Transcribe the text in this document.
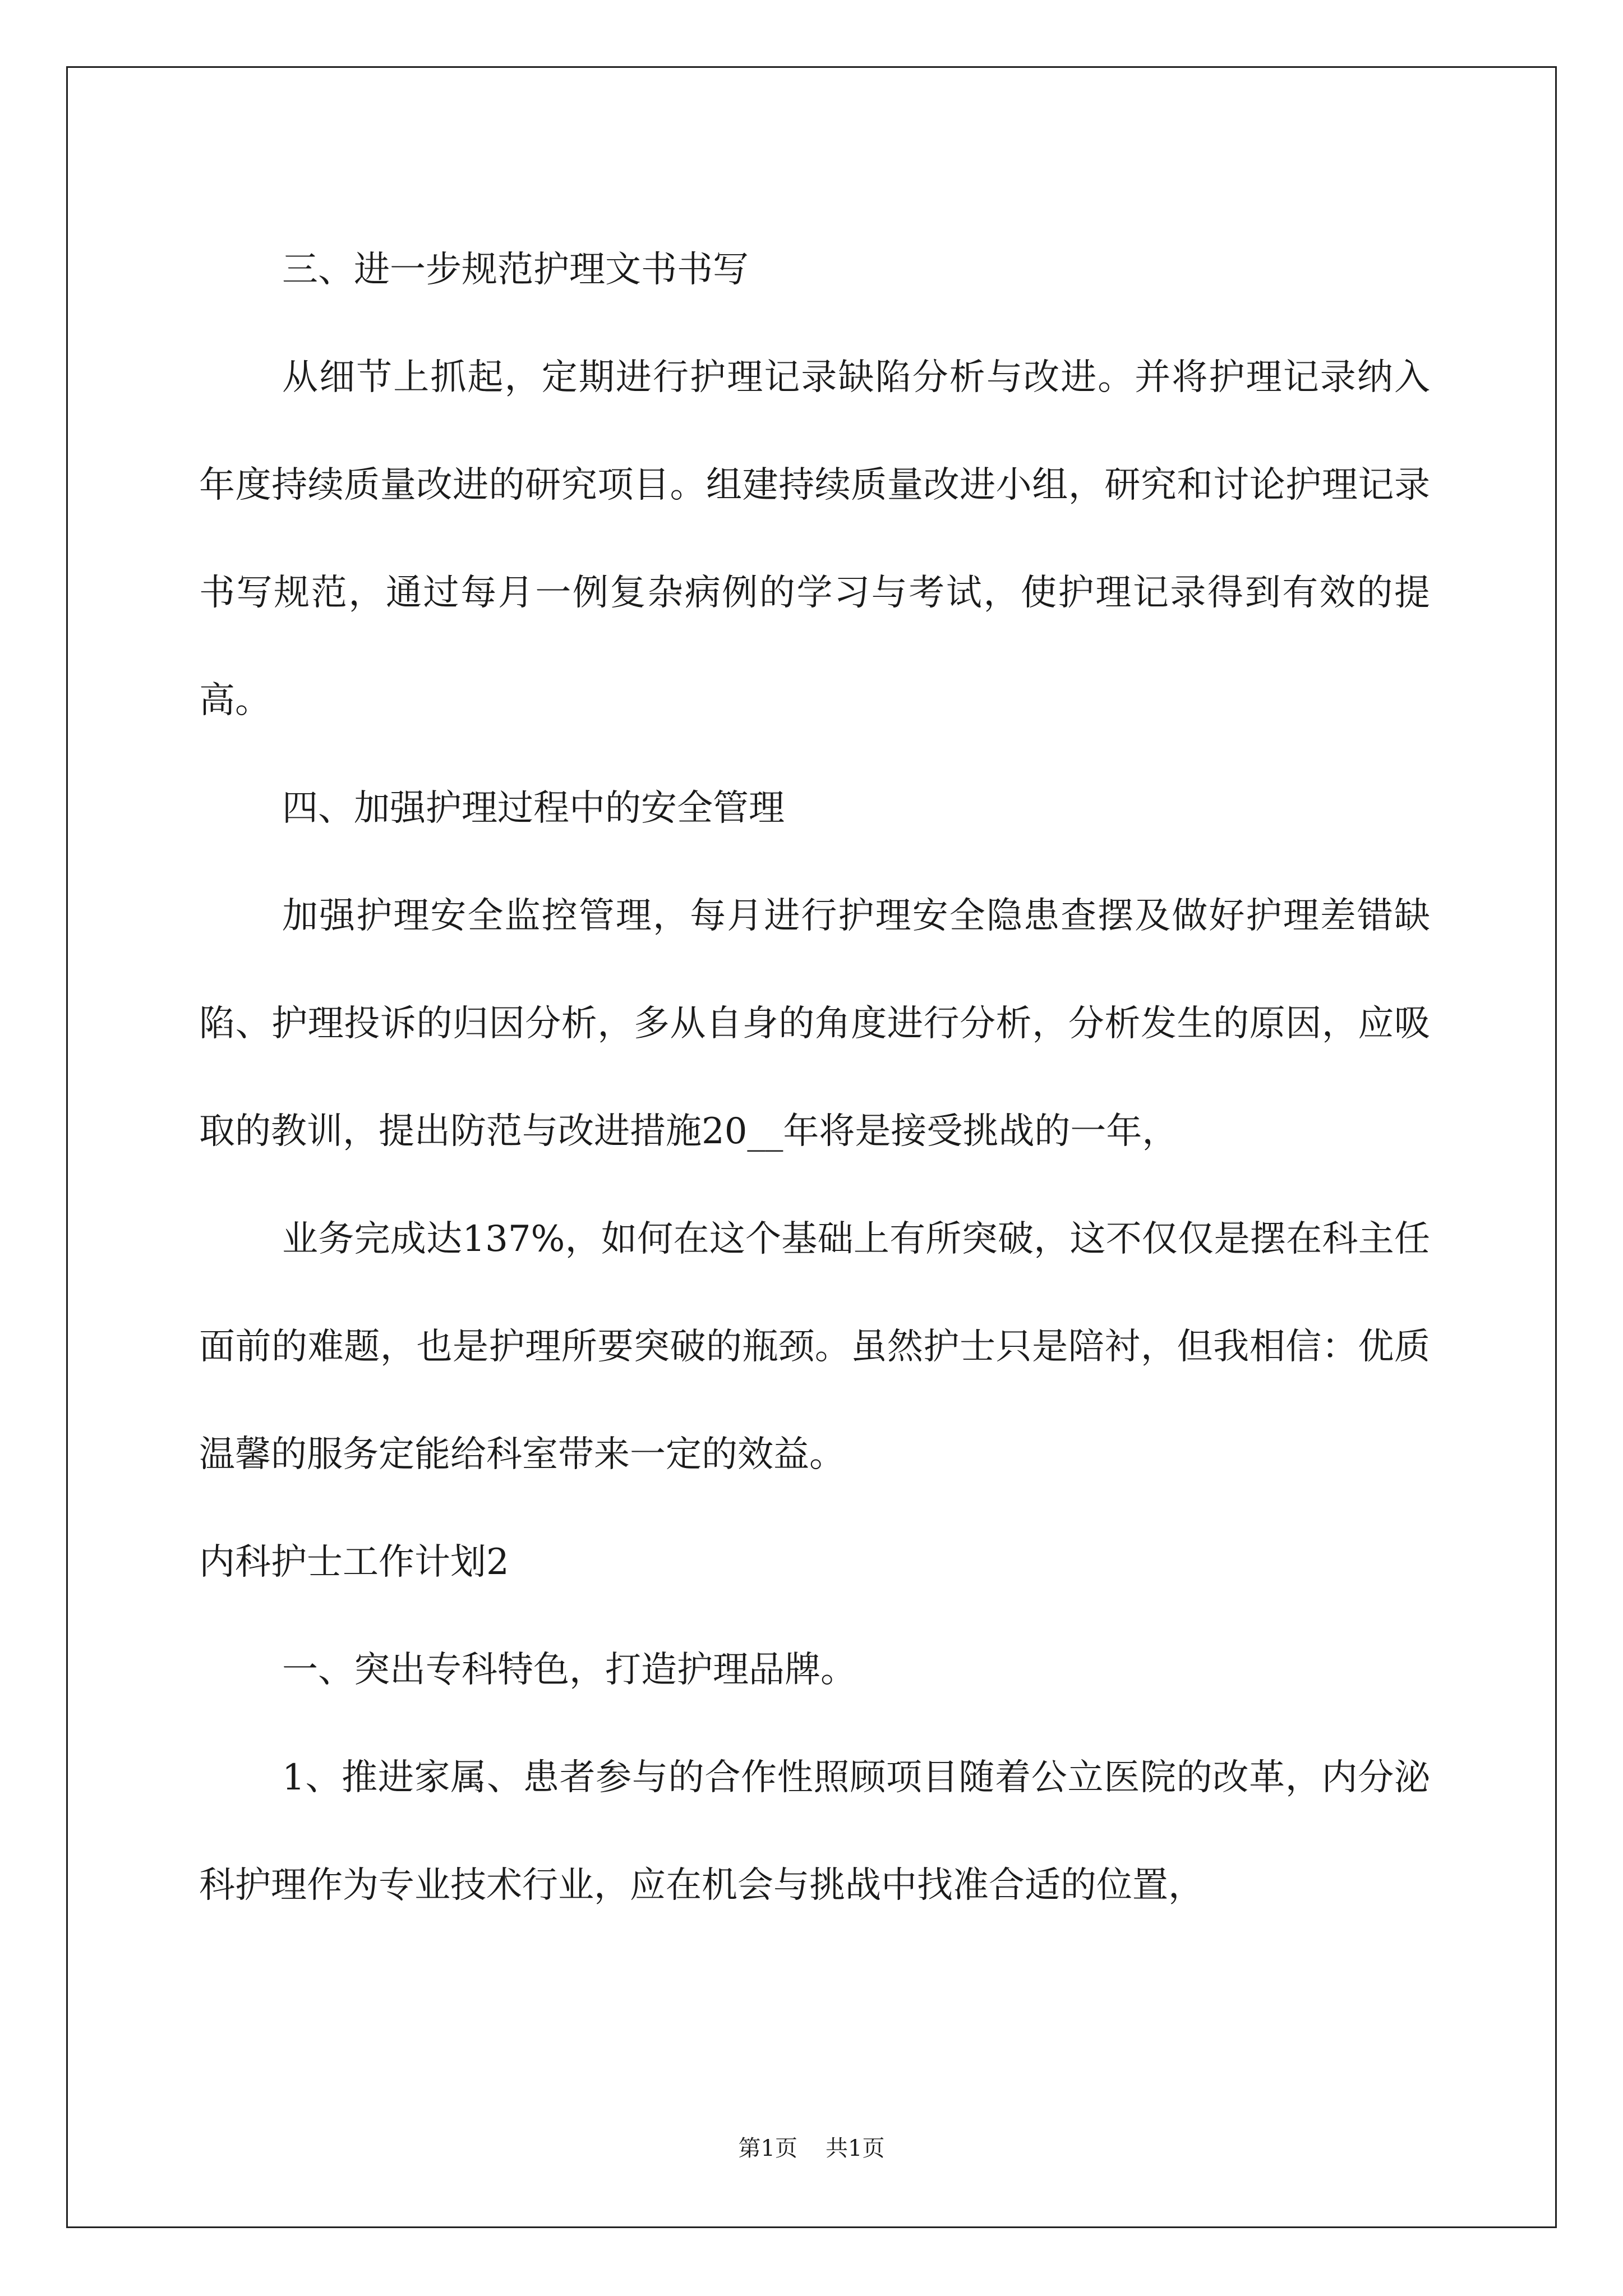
三、进一步规范护理文书书写

从细节上抓起，定期进行护理记录缺陷分析与改进。并将护理记录纳入年度持续质量改进的研究项目。组建持续质量改进小组，研究和讨论护理记录书写规范，通过每月一例复杂病例的学习与考试，使护理记录得到有效的提高。

四、加强护理过程中的安全管理

加强护理安全监控管理，每月进行护理安全隐患查摆及做好护理差错缺陷、护理投诉的归因分析，多从自身的角度进行分析，分析发生的原因，应吸取的教训，提出防范与改进措施20__年将是接受挑战的一年，

业务完成达137%，如何在这个基础上有所突破，这不仅仅是摆在科主任面前的难题，也是护理所要突破的瓶颈。虽然护士只是陪衬，但我相信：优质温馨的服务定能给科室带来一定的效益。

内科护士工作计划2

一、突出专科特色，打造护理品牌。

1、推进家属、患者参与的合作性照顾项目随着公立医院的改革，内分泌科护理作为专业技术行业，应在机会与挑战中找准合适的位置，

第1页 共1页
